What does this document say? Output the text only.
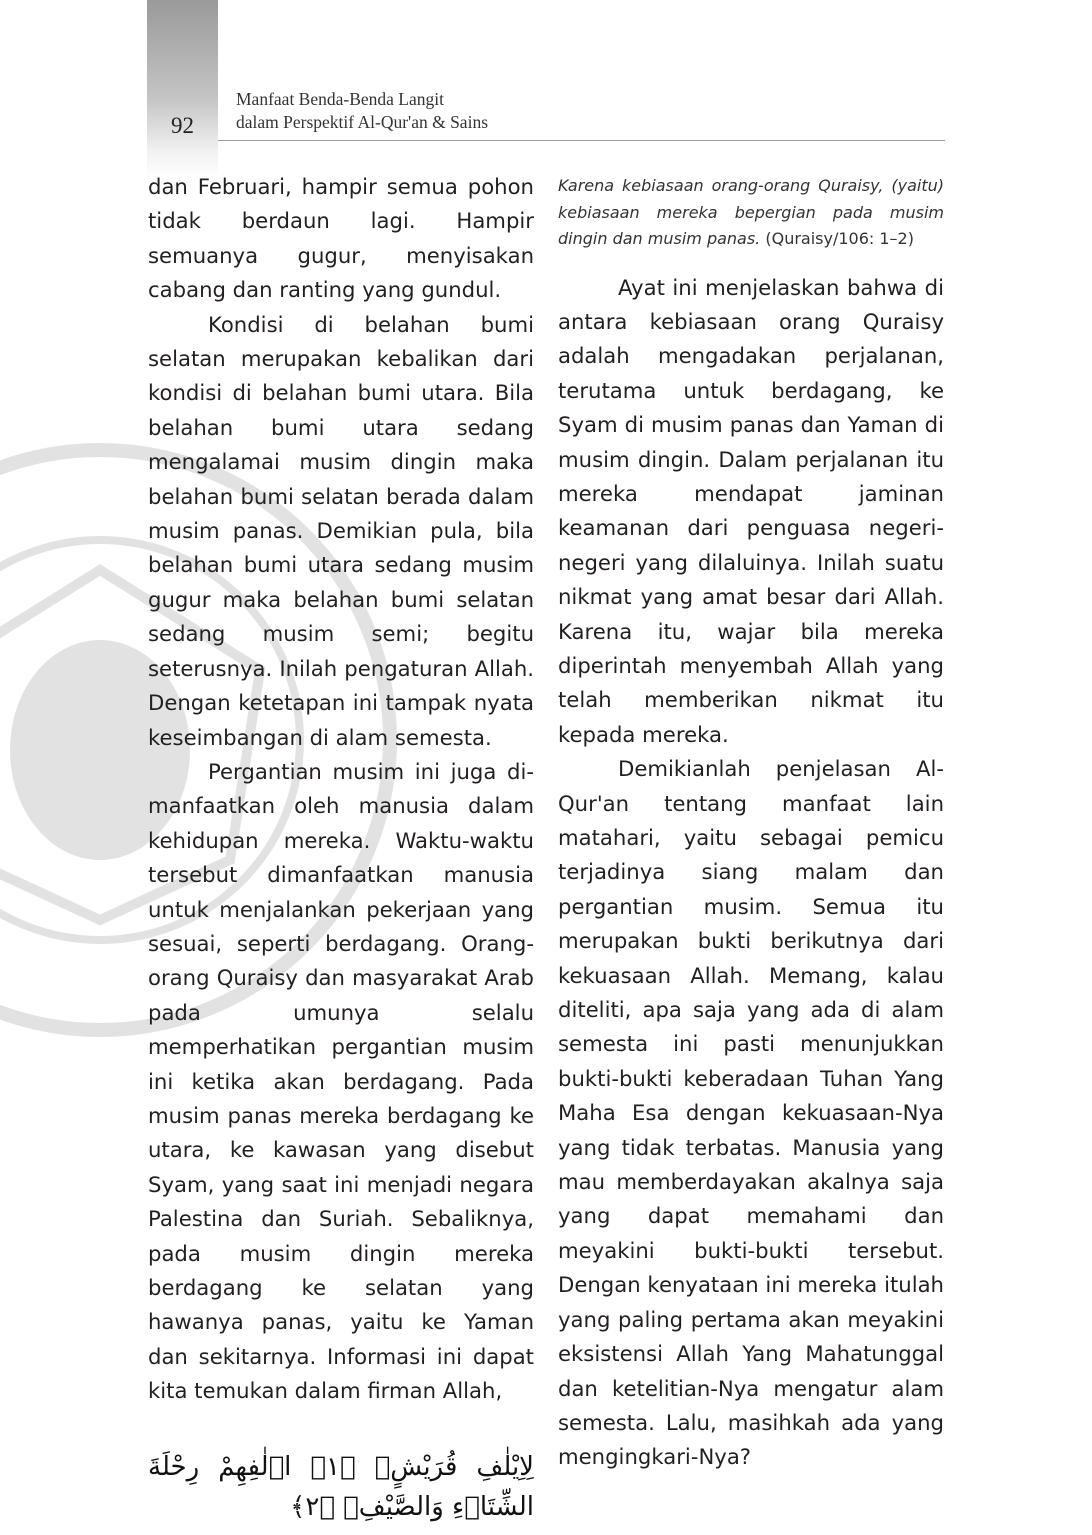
92
Manfaat Benda-Benda Langit
dalam Perspektif Al-Qur'an & Sains

dan Februari, hampir semua pohon tidak berdaun lagi. Hampir semuanya gugur, menyisakan cabang dan ranting yang gundul.

Kondisi di belahan bumi selatan merupakan kebalikan dari kondisi di belahan bumi utara. Bila belahan bumi utara sedang mengalamai musim dingin maka belahan bumi selatan berada dalam musim panas. Demikian pula, bila belahan bumi utara sedang musim gugur maka belahan bumi selatan sedang musim semi; begitu seterusnya. Inilah pengaturan Allah. Dengan ketetapan ini tampak nyata keseimbangan di alam semesta.

Pergantian musim ini juga dimanfaatkan oleh manusia dalam kehidupan mereka. Waktu-waktu tersebut dimanfaatkan manusia untuk menjalankan pekerjaan yang sesuai, seperti berdagang. Orang-orang Quraisy dan masyarakat Arab pada umunya selalu memperhatikan pergantian musim ini ketika akan berdagang. Pada musim panas mereka berdagang ke utara, ke kawasan yang disebut Syam, yang saat ini menjadi negara Palestina dan Suriah. Sebaliknya, pada musim dingin mereka berdagang ke selatan yang hawanya panas, yaitu ke Yaman dan sekitarnya. Informasi ini dapat kita temukan dalam firman Allah,

لِاِيْلٰفِ قُرَيْشٍۙ ﴿١﴾ اٖلٰفِهِمْ رِحْلَةَ الشِّتَاۤءِ وَالصَّيْفِۚ ﴿٢﴾
Karena kebiasaan orang-orang Quraisy, (yaitu) kebiasaan mereka bepergian pada musim dingin dan musim panas. (Quraisy/106: 1–2)

Ayat ini menjelaskan bahwa di antara kebiasaan orang Quraisy adalah mengadakan perjalanan, terutama untuk berdagang, ke Syam di musim panas dan Yaman di musim dingin. Dalam perjalanan itu mereka mendapat jaminan keamanan dari penguasa negeri-negeri yang dilaluinya. Inilah suatu nikmat yang amat besar dari Allah. Karena itu, wajar bila mereka diperintah menyembah Allah yang telah memberikan nikmat itu kepada mereka.

Demikianlah penjelasan Al-Qur'an tentang manfaat lain matahari, yaitu sebagai pemicu terjadinya siang malam dan pergantian musim. Semua itu merupakan bukti berikutnya dari kekuasaan Allah. Memang, kalau diteliti, apa saja yang ada di alam semesta ini pasti menunjukkan bukti-bukti keberadaan Tuhan Yang Maha Esa dengan kekuasaan-Nya yang tidak terbatas. Manusia yang mau memberdayakan akalnya saja yang dapat memahami dan meyakini bukti-bukti tersebut. Dengan kenyataan ini mereka itulah yang paling pertama akan meyakini eksistensi Allah Yang Mahatunggal dan ketelitian-Nya mengatur alam semesta. Lalu, masihkah ada yang mengingkari-Nya?
